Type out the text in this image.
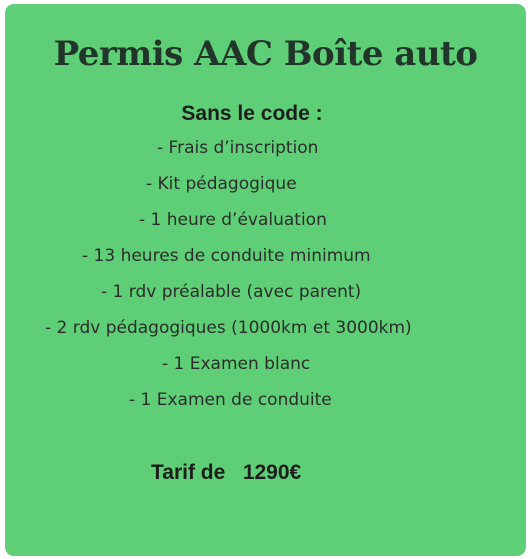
Permis AAC Boîte auto
Sans le code :
- Frais d’inscription
- Kit pédagogique
- 1 heure d’évaluation
- 13 heures de conduite minimum
- 1 rdv préalable (avec parent)
- 2 rdv pédagogiques (1000km et 3000km)
- 1 Examen blanc
- 1 Examen de conduite
Tarif de 1290€
